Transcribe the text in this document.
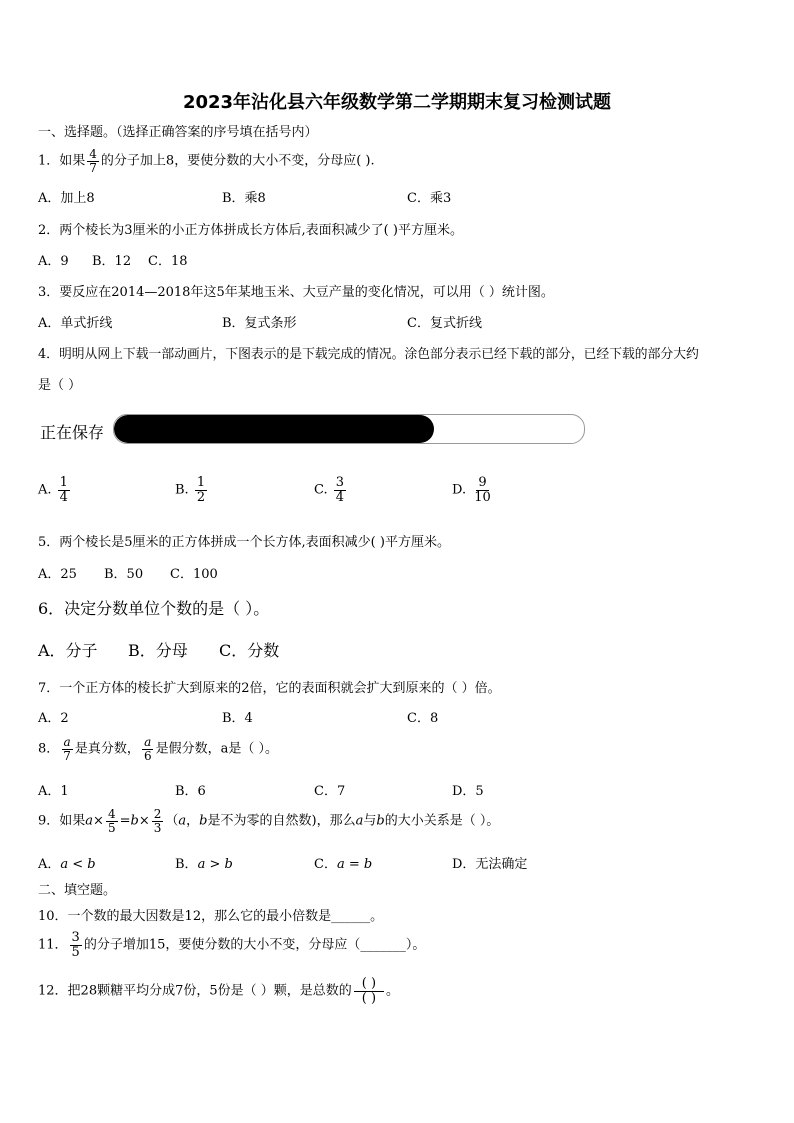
2023年沾化县六年级数学第二学期期末复习检测试题
一、选择题。（选择正确答案的序号填在括号内）
1．如果 $\frac{4}{7}$ 的分子加上8，要使分数的大小不变，分母应( ).
A．加上8	B．乘8	C．乘3
2．两个棱长为3厘米的小正方体拼成长方体后,表面积减少了( )平方厘米。
A．9 B．12 C．18
3．要反应在2014—2018年这5年某地玉米、大豆产量的变化情况，可以用（ ）统计图。
A．单式折线	B．复式条形	C．复式折线
4．明明从网上下载一部动画片，下图表示的是下载完成的情况。涂色部分表示已经下载的部分，已经下载的部分大约
是（ ）
正在保存
A. $\frac{1}{4}$	B. $\frac{1}{2}$	C. $\frac{3}{4}$	D. $\frac{9}{10}$
5．两个棱长是5厘米的正方体拼成一个长方体,表面积减少( )平方厘米。
A．25 B．50 C．100
6．决定分数单位个数的是（ ）。
A．分子 B．分母 C．分数
7．一个正方体的棱长扩大到原来的2倍，它的表面积就会扩大到原来的（ ）倍。
A．2	B．4	C．8
8． $\frac{a}{7}$ 是真分数， $\frac{a}{6}$ 是假分数，a是（ ）。
A．1	B．6	C．7	D．5
9．如果$a\times \frac{4}{5} =b\times \frac{2}{3} (a$，b是不为零的自然数)，那么a与b的大小关系是（ ）。
A．a < b	B．a > b	C．a = b	D．无法确定
二、填空题。
10．一个数的最大因数是12，那么它的最小倍数是______。
11． $\frac{3}{5}$ 的分子增加15，要使分数的大小不变，分母应（_______）。
12．把28颗糖平均分成7份，5份是（ ）颗，是总数的 $\frac{( )}{( )}$ 。
